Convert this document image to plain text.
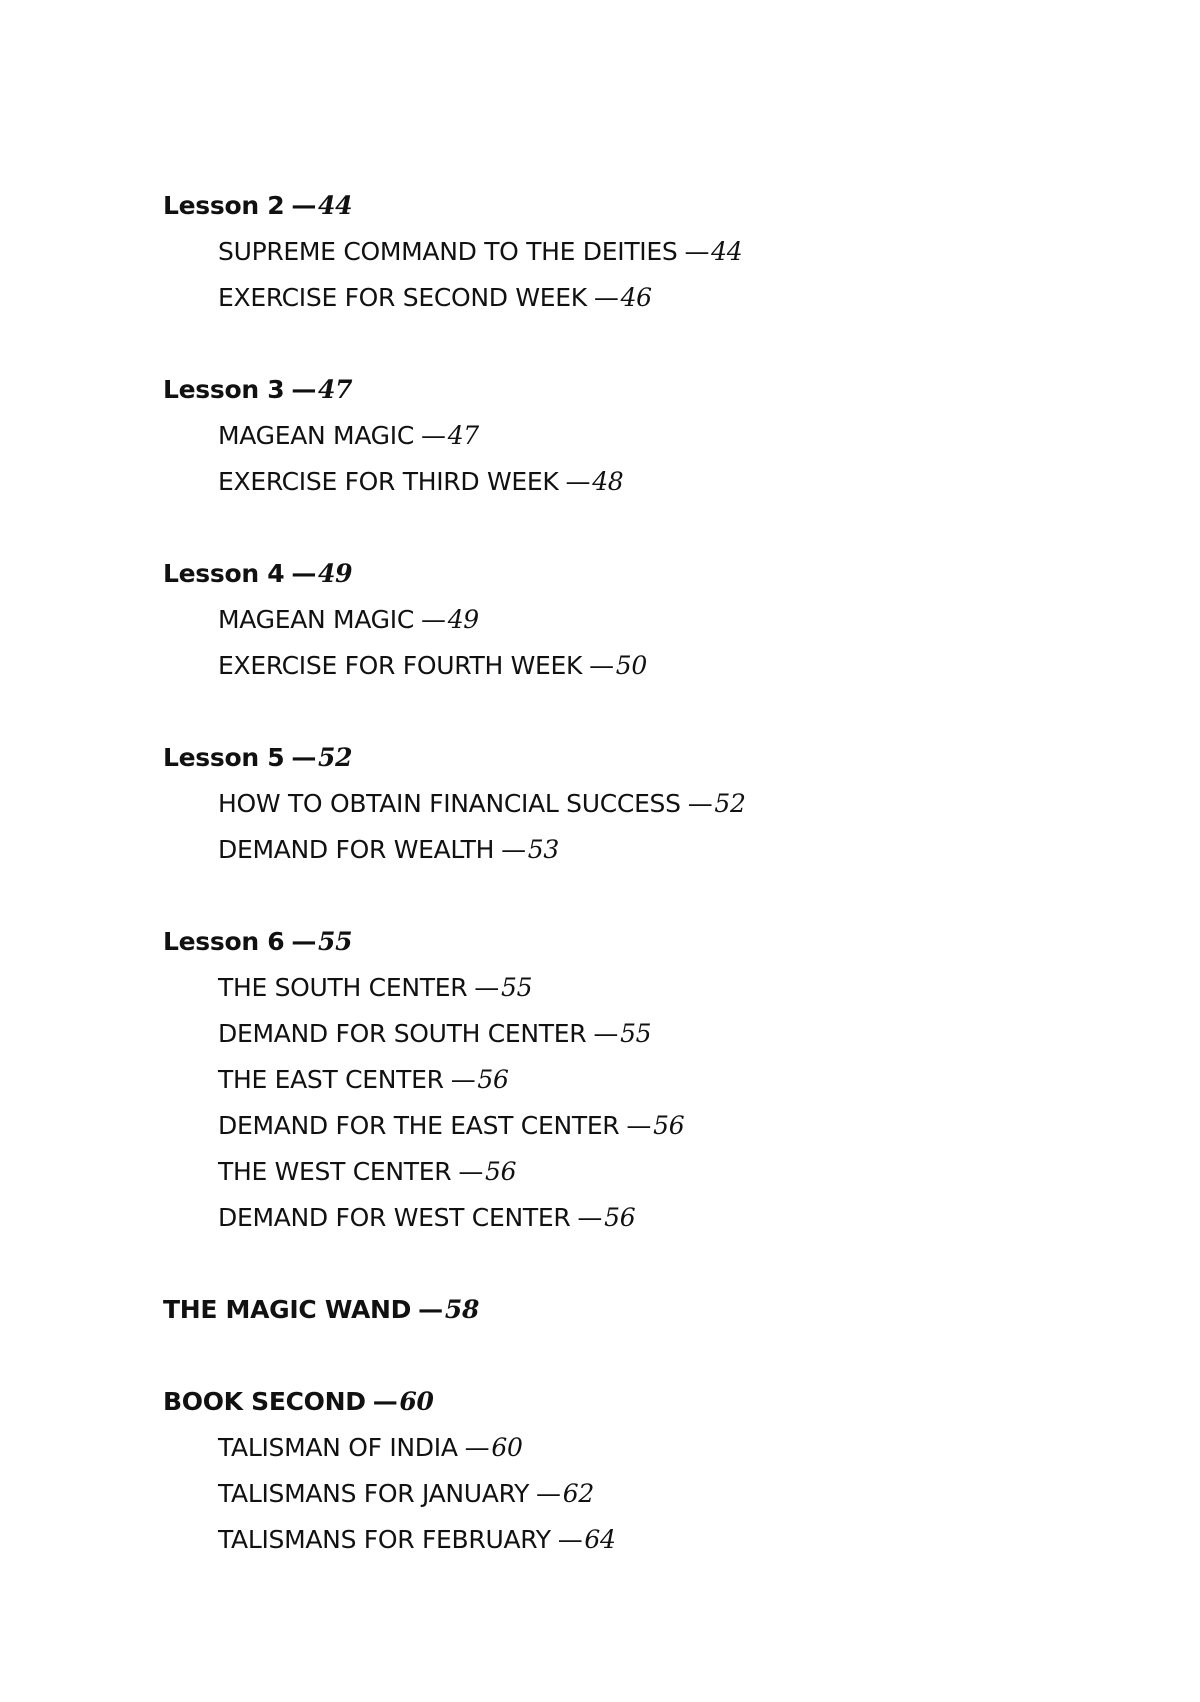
Lesson 2 —44
SUPREME COMMAND TO THE DEITIES —44
EXERCISE FOR SECOND WEEK —46
Lesson 3 —47
MAGEAN MAGIC —47
EXERCISE FOR THIRD WEEK —48
Lesson 4 —49
MAGEAN MAGIC —49
EXERCISE FOR FOURTH WEEK —50
Lesson 5 —52
HOW TO OBTAIN FINANCIAL SUCCESS —52
DEMAND FOR WEALTH —53
Lesson 6 —55
THE SOUTH CENTER —55
DEMAND FOR SOUTH CENTER —55
THE EAST CENTER —56
DEMAND FOR THE EAST CENTER —56
THE WEST CENTER —56
DEMAND FOR WEST CENTER —56
THE MAGIC WAND —58
BOOK SECOND —60
TALISMAN OF INDIA —60
TALISMANS FOR JANUARY —62
TALISMANS FOR FEBRUARY —64
